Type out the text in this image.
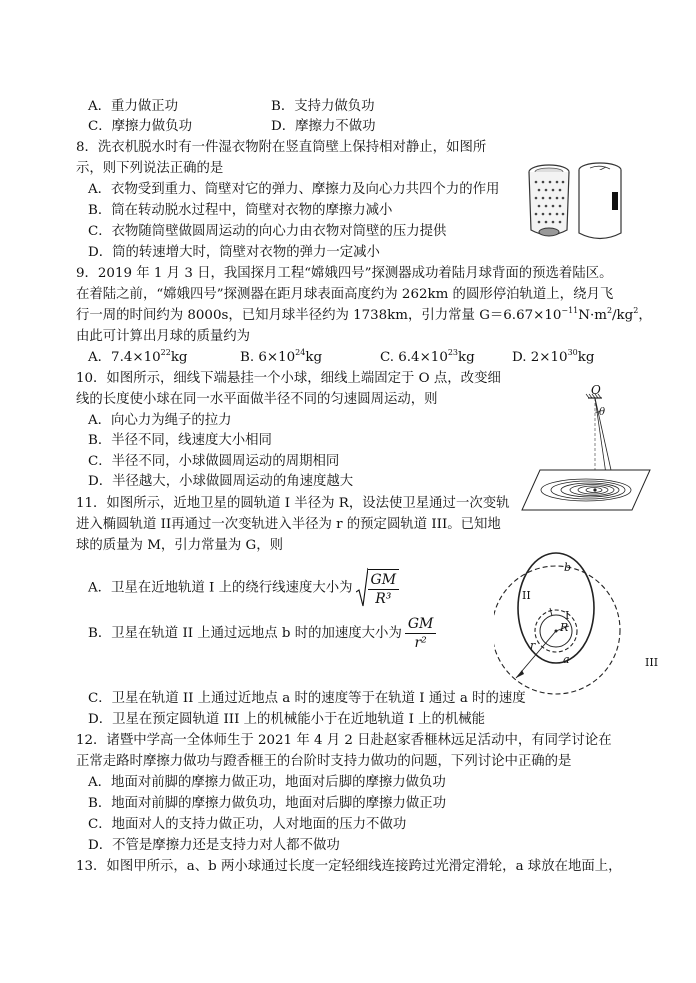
A．重力做正功	B．支持力做负功
C．摩擦力做负功	D．摩擦力不做功
8．洗衣机脱水时有一件湿衣物附在竖直筒壁上保持相对静止，如图所
示，则下列说法正确的是
A．衣物受到重力、筒壁对它的弹力、摩擦力及向心力共四个力的作用
B．筒在转动脱水过程中，筒壁对衣物的摩擦力减小
C．衣物随筒壁做圆周运动的向心力由衣物对筒壁的压力提供
D．筒的转速增大时，筒壁对衣物的弹力一定减小
9．2019 年 1 月 3 日，我国探月工程“嫦娥四号”探测器成功着陆月球背面的预选着陆区。
在着陆之前，“嫦娥四号”探测器在距月球表面高度约为 262km 的圆形停泊轨道上，绕月飞
行一周的时间约为 8000s，已知月球半径约为 1738km，引力常量 $G=6.67\times 10^{-11}N\cdot m^2/kg^2$，
由此可计算出月球的质量约为
A．$7.4\times 10^{22}kg$	B. $6\times 10^{24}kg$	C. $6.4\times 10^{23}kg$	D. $2\times 10^{30}kg$
10．如图所示，细线下端悬挂一个小球，细线上端固定于 O 点，改变细
线的长度使小球在同一水平面做半径不同的匀速圆周运动，则
A．向心力为绳子的拉力
B．半径不同，线速度大小相同
C．半径不同，小球做圆周运动的周期相同
D．半径越大，小球做圆周运动的角速度越大
O
θ
11．如图所示，近地卫星的圆轨道 I 半径为 R，设法使卫星通过一次变轨
进入椭圆轨道 II再通过一次变轨进入半径为 r 的预定圆轨道 III。已知地
球的质量为 M，引力常量为 G，则
A．卫星在近地轨道 I 上的绕行线速度大小为 $\frac{GM}{\text{R³}}$
B．卫星在轨道 II 上通过远地点 b 时的加速度大小为 $\frac{GM}{\text{r²}}$
C．卫星在轨道 II 上通过近地点 a 时的速度等于在轨道 I 通过 a 时的速度
D．卫星在预定圆轨道 III 上的机械能小于在近地轨道 I 上的机械能
b
II
I
R
r
a	III
12．诸暨中学高一全体师生于 2021 年 4 月 2 日赴赵家香榧林远足活动中，有同学讨论在
正常走路时摩擦力做功与蹬香榧王的台阶时支持力做功的问题，下列讨论中正确的是
A．地面对前脚的摩擦力做正功，地面对后脚的摩擦力做负功
B．地面对前脚的摩擦力做负功，地面对后脚的摩擦力做正功
C．地面对人的支持力做正功，人对地面的压力不做功
D．不管是摩擦力还是支持力对人都不做功
13．如图甲所示，a、b 两小球通过长度一定轻细线连接跨过光滑定滑轮，a 球放在地面上，
